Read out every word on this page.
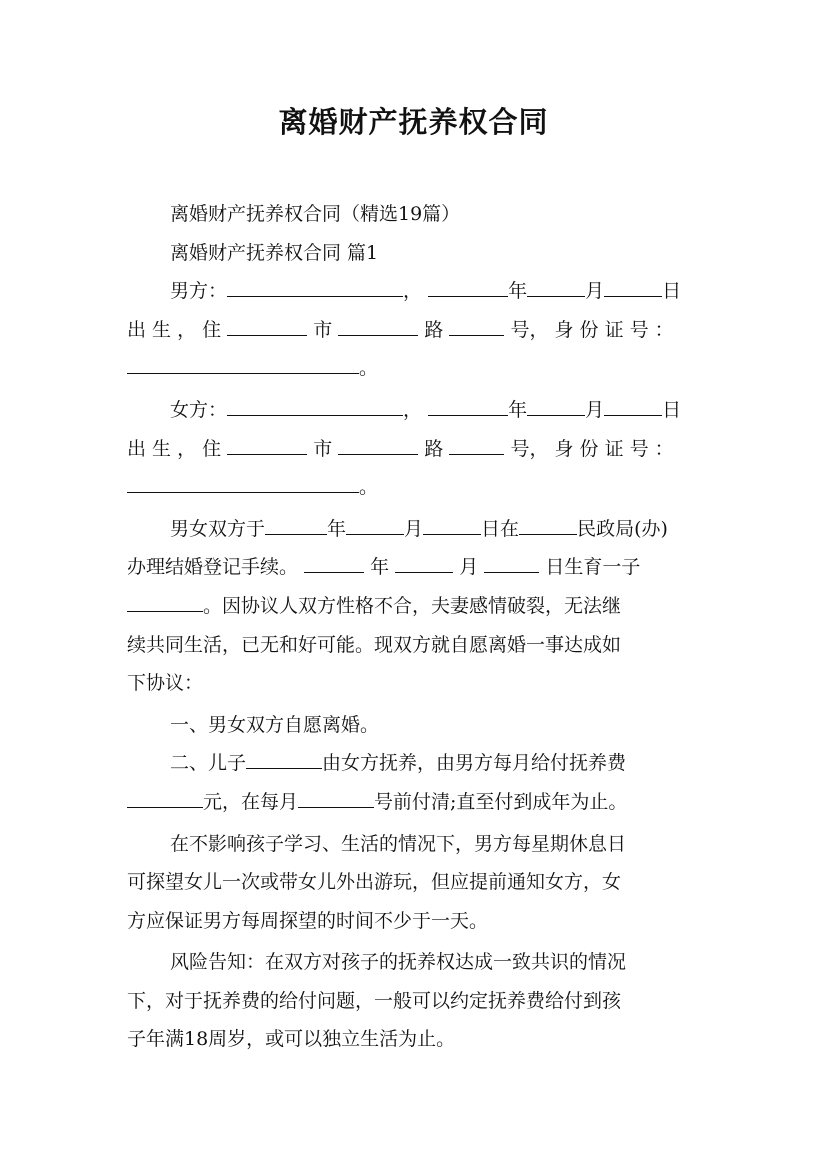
离婚财产抚养权合同
离婚财产抚养权合同（精选19篇）
离婚财产抚养权合同 篇1
男方：	，	年	月	日
出 生 ， 住	市	路	号， 身 份 证 号 ：
。
女方：	，	年	月	日
出 生 ， 住	市	路	号， 身 份 证 号 ：
。
男女双方于	年	月	日在	民政局(办)
办理结婚登记手续。	年	月	日生育一子
。因协议人双方性格不合，夫妻感情破裂，无法继
续共同生活，已无和好可能。现双方就自愿离婚一事达成如
下协议：
一、男女双方自愿离婚。
二、儿子	由女方抚养，由男方每月给付抚养费
元，在每月	号前付清;直至付到成年为止。
在不影响孩子学习、生活的情况下，男方每星期休息日
可探望女儿一次或带女儿外出游玩，但应提前通知女方，女
方应保证男方每周探望的时间不少于一天。
风险告知：在双方对孩子的抚养权达成一致共识的情况
下，对于抚养费的给付问题，一般可以约定抚养费给付到孩
子年满18周岁，或可以独立生活为止。
